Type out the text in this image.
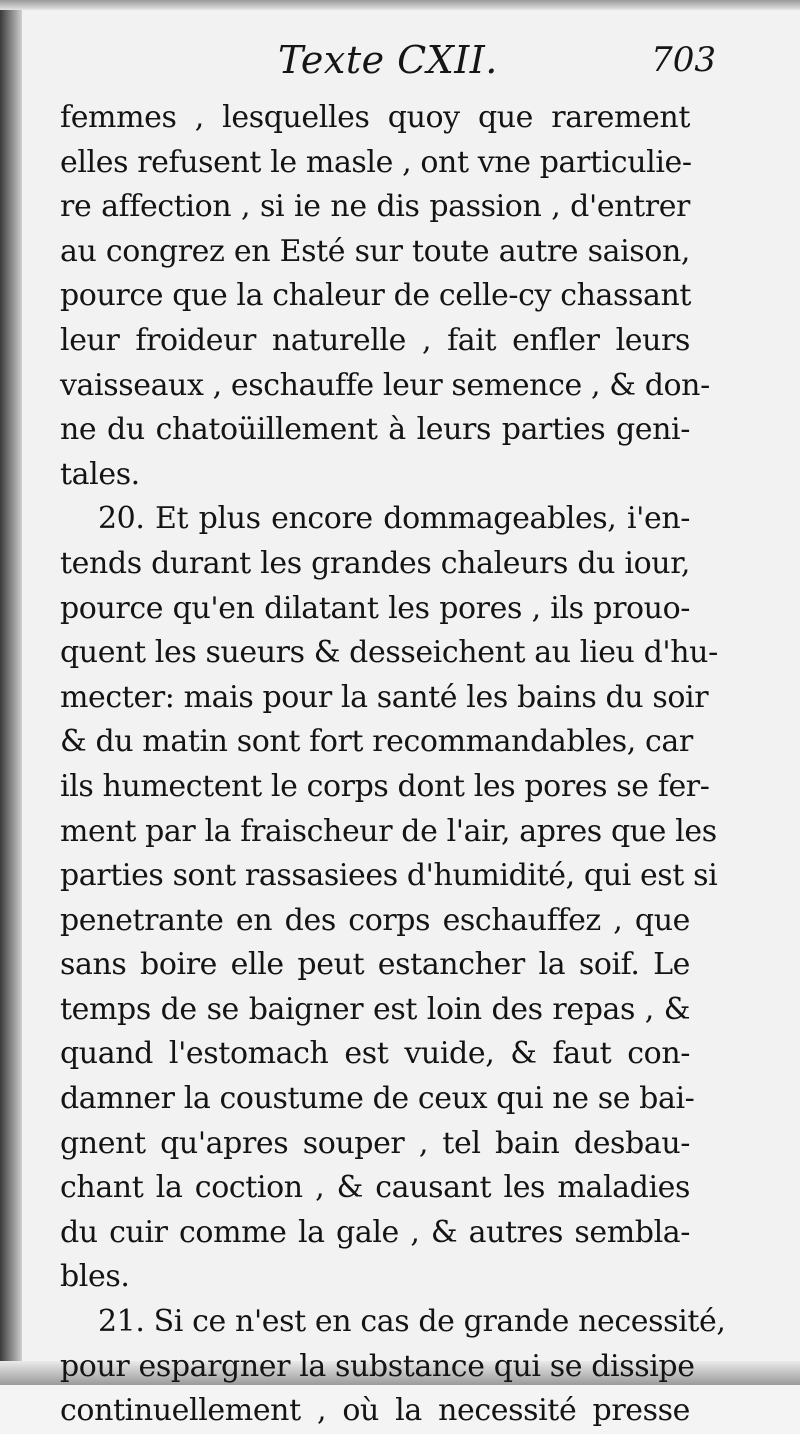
Texte CXII.	703
femmes , lesquelles quoy que rarement
elles refusent le masle , ont vne particulie-
re affection , si ie ne dis passion , d'entrer
au congrez en Esté sur toute autre saison,
pource que la chaleur de celle-cy chassant
leur froideur naturelle , fait enfler leurs
vaisseaux , eschauffe leur semence , & don-
ne du chatoüillement à leurs parties geni-
tales.
20. Et plus encore dommageables, i'en-
tends durant les grandes chaleurs du iour,
pource qu'en dilatant les pores , ils prouo-
quent les sueurs & desseichent au lieu d'hu-
mecter: mais pour la santé les bains du soir
& du matin sont fort recommandables, car
ils humectent le corps dont les pores se fer-
ment par la fraischeur de l'air, apres que les
parties sont rassasiees d'humidité, qui est si
penetrante en des corps eschauffez , que
sans boire elle peut estancher la soif. Le
temps de se baigner est loin des repas , &
quand l'estomach est vuide, & faut con-
damner la coustume de ceux qui ne se bai-
gnent qu'apres souper , tel bain desbau-
chant la coction , & causant les maladies
du cuir comme la gale , & autres sembla-
bles.
21. Si ce n'est en cas de grande necessité,
pour espargner la substance qui se dissipe
continuellement , où la necessité presse
